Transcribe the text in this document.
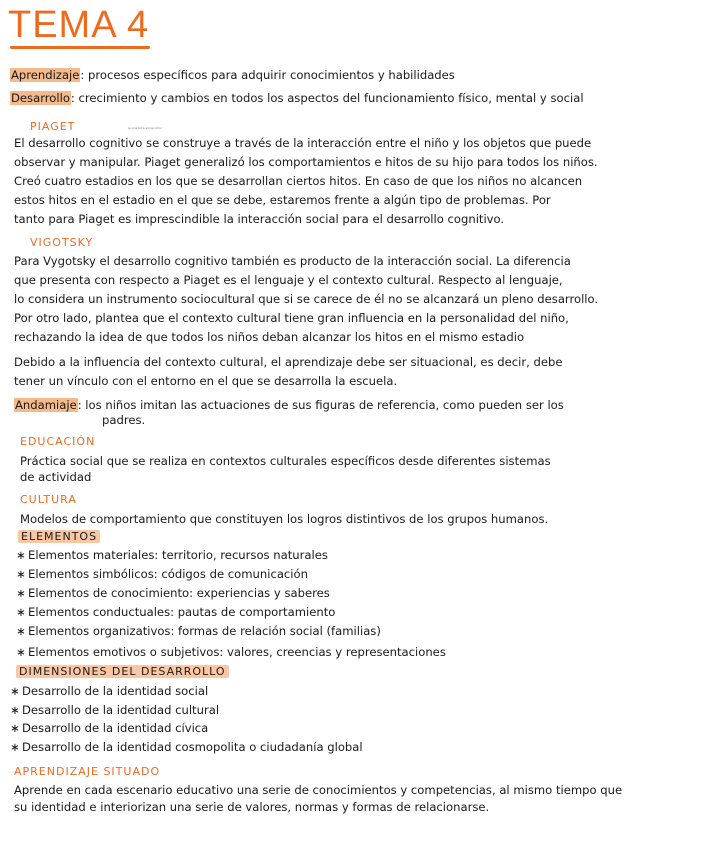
TEMA 4
Aprendizaje: procesos específicos para adquirir conocimientos y habilidades
Desarrollo: crecimiento y cambios en todos los aspectos del funcionamiento físico, mental y social
PIAGET	ja ona bina siona lolini
El desarrollo cognitivo se construye a través de la interacción entre el niño y los objetos que puede
observar y manipular. Piaget generalizó los comportamientos e hitos de su hijo para todos los niños.
Creó cuatro estadios en los que se desarrollan ciertos hitos. En caso de que los niños no alcancen
estos hitos en el estadio en el que se debe, estaremos frente a algún tipo de problemas. Por
tanto para Piaget es imprescindible la interacción social para el desarrollo cognitivo.
VIGOTSKY
Para Vygotsky el desarrollo cognitivo también es producto de la interacción social. La diferencia
que presenta con respecto a Piaget es el lenguaje y el contexto cultural. Respecto al lenguaje,
lo considera un instrumento sociocultural que si se carece de él no se alcanzará un pleno desarrollo.
Por otro lado, plantea que el contexto cultural tiene gran influencia en la personalidad del niño,
rechazando la idea de que todos los niños deban alcanzar los hitos en el mismo estadio
Debido a la influencia del contexto cultural, el aprendizaje debe ser situacional, es decir, debe
tener un vínculo con el entorno en el que se desarrolla la escuela.
Andamiaje: los niños imitan las actuaciones de sus figuras de referencia, como pueden ser los
padres.
EDUCACIÓN
Práctica social que se realiza en contextos culturales específicos desde diferentes sistemas
de actividad
CULTURA
Modelos de comportamiento que constituyen los logros distintivos de los grupos humanos.
ELEMENTOS
∗ Elementos materiales: territorio, recursos naturales
∗ Elementos simbólicos: códigos de comunicación
∗ Elementos de conocimiento: experiencias y saberes
∗ Elementos conductuales: pautas de comportamiento
∗ Elementos organizativos: formas de relación social (familias)
∗ Elementos emotivos o subjetivos: valores, creencias y representaciones
DIMENSIONES DEL DESARROLLO
∗ Desarrollo de la identidad social
∗ Desarrollo de la identidad cultural
∗ Desarrollo de la identidad cívica
∗ Desarrollo de la identidad cosmopolita o ciudadanía global
APRENDIZAJE SITUADO
Aprende en cada escenario educativo una serie de conocimientos y competencias, al mismo tiempo que
su identidad e interiorizan una serie de valores, normas y formas de relacionarse.
